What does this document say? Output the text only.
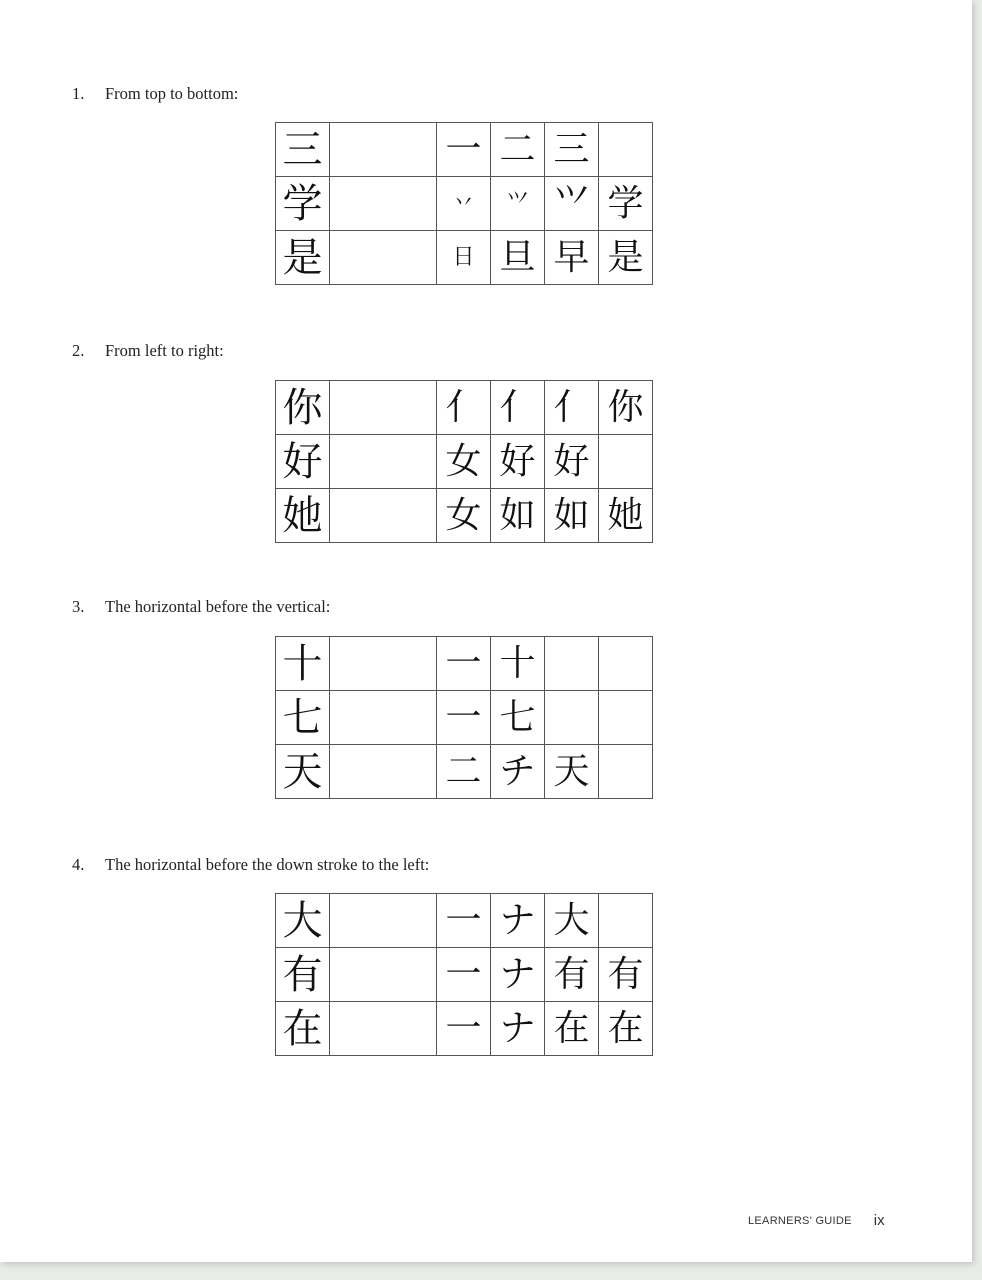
1. From top to bottom:
三		一	二	三	
学		丷	⺍	⺍	学
是		日	旦	早	是
2. From left to right:
你		亻	亻	亻	你
好		女	好	好	
她		女	如	如	她
3. The horizontal before the vertical:
十		一	十		
七		一	七		
天		二	チ	天	
4. The horizontal before the down stroke to the left:
大		一	ナ	大	
有		一	ナ	有	有
在		一	ナ	在	在
LEARNERS' GUIDE ix
